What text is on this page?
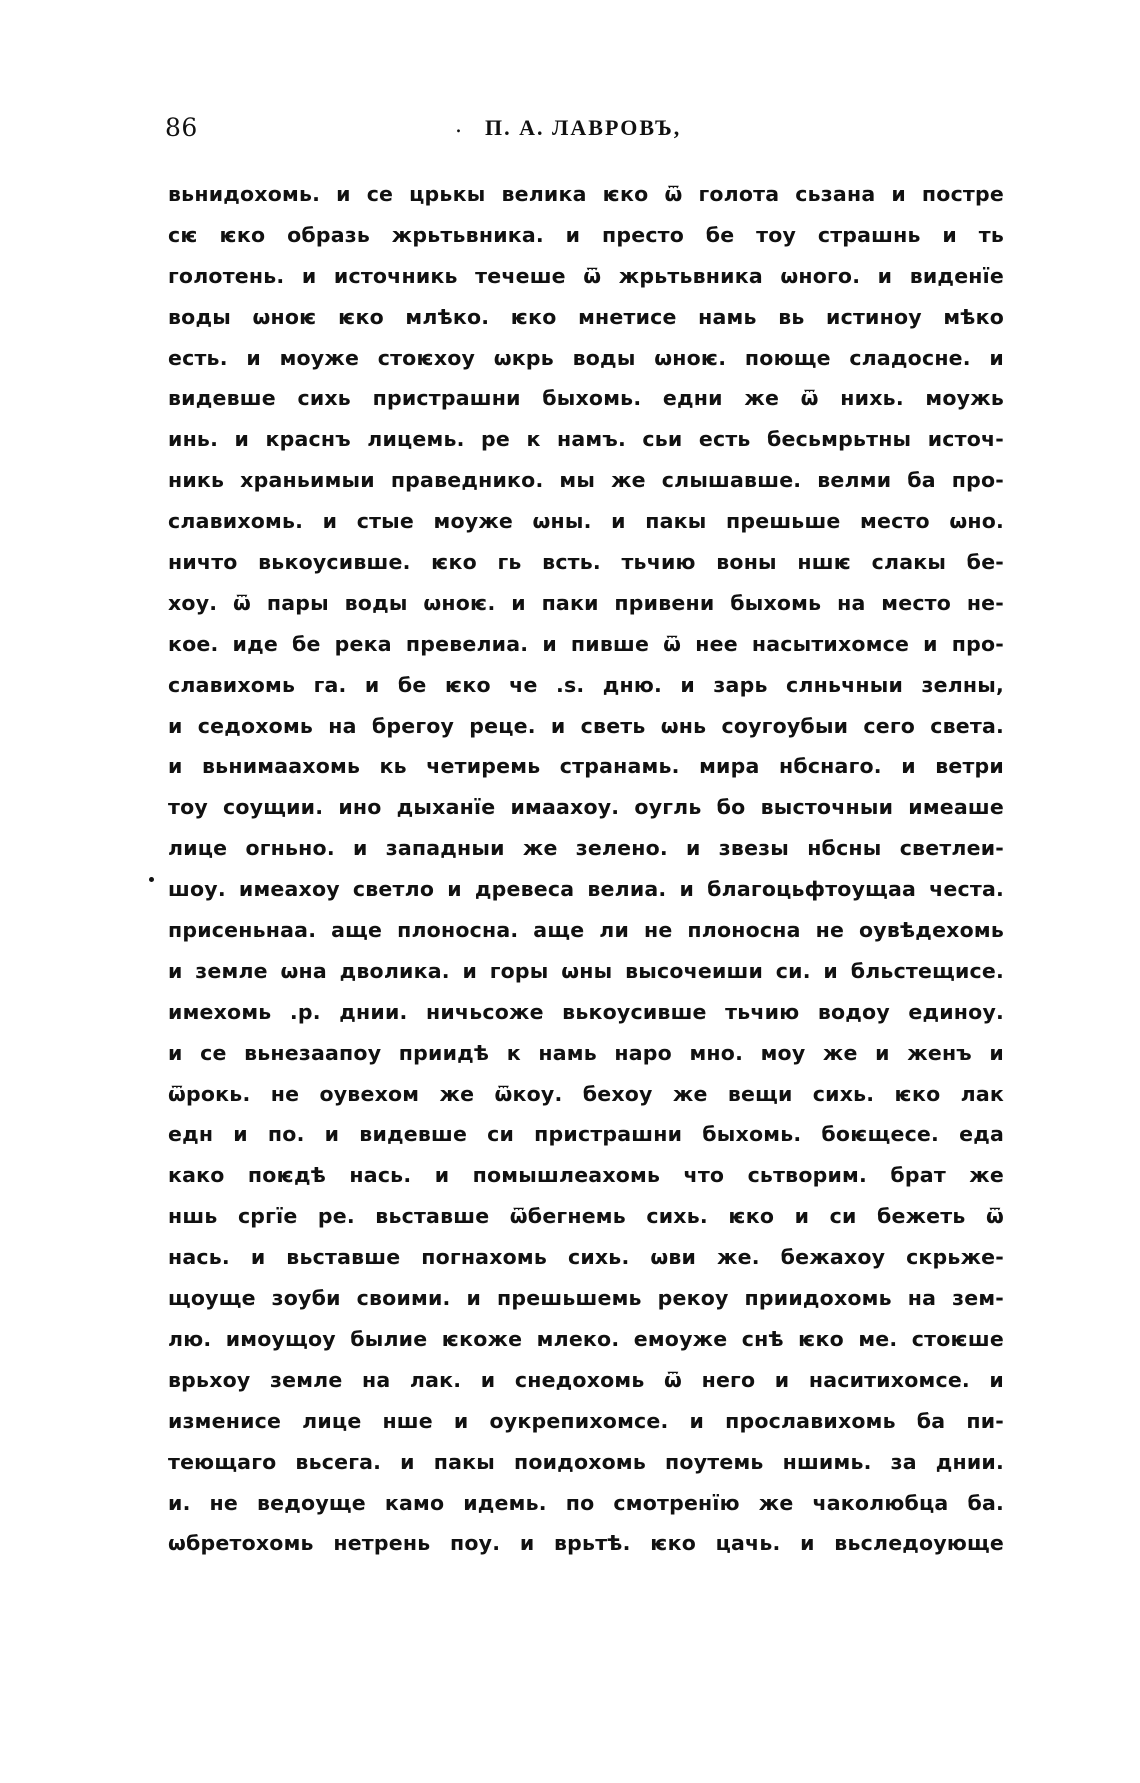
86	. П. А. ЛАВРОВЪ,
вьнидохомь. и се црькы велика ѥко ѿ голота сьзана и постре
сѥ ѥко образь жрьтьвника. и престо бе тоу страшнь и ть
голотень. и источникь течеше ѿ жрьтьвника ѡного. и виденїе
воды ѡноѥ ѥко млѣко. ѥко мнетисе намь вь истиноу мѣко
есть. и моуже стоѥхоу ѡкрь воды ѡноѥ. поюще сладосне. и
видевше сихь пристрашни быхомь. едни же ѿ нихь. моужь
инь. и краснъ лицемь. ре к намъ. сьи есть бесьмрьтны источ-
никь храньимыи праведнико. мы же слышавше. велми ба про-
славихомь. и стые моуже ѡны. и пакы прешьше место ѡно.
ничто вькоусивше. ѥко гь всть. тьчию воны ншѥ слакы бе-
хоу. ѿ пары воды ѡноѥ. и паки привени быхомь на место не-
кое. иде бе река превелиа. и пивше ѿ нее насытихомсе и про-
славихомь га. и бе ѥко че .ѕ. дню. и зарь слньчныи зелны,
и седохомь на брегоу реце. и светь ѡнь соугоубыи сего света.
и вьнимаахомь кь четиремь странамь. мира нбснаго. и ветри
тоу соущии. ино дыханїе имаахоу. оугль бо высточныи имеаше
лице огньно. и западныи же зелено. и звезы нбсны светлеи-
шоу. имеахоу светло и древеса велиа. и благоцьфтоущаа честа.
присеньнаа. аще плоносна. аще ли не плоносна не оувѣдехомь
и земле ѡна дволика. и горы ѡны высочеиши си. и бльстещисе.
имехомь .р. днии. ничьсоже вькоусивше тьчию водоу единоу.
и се вьнезаапоу приидѣ к намь наро мно. моу же и женъ и
ѿрокь. не оувехом же ѿкоу. бехоу же вещи сихь. ѥко лак
едн и по. и видевше си пристрашни быхомь. боѥщесе. еда
како поѥдѣ нась. и помышлеахомь что сьтворим. брат же
ншь сргїе ре. вьставше ѿбегнемь сихь. ѥко и си бежеть ѿ
нась. и вьставше погнахомь сихь. ѡви же. бежахоу скрьже-
щоуще зоуби своими. и прешьшемь рекоу приидохомь на зем-
лю. имоущоу былие ѥкоже млеко. емоуже снѣ ѥко ме. стоѥше
врьхоу земле на лак. и снедохомь ѿ него и наситихомсе. и
изменисе лице нше и оукрепихомсе. и прославихомь ба пи-
теющаго вьсега. и пакы поидохомь поутемь ншимь. за днии.
и. не ведоуще камо идемь. по смотренїю же чаколюбца ба.
ѡбретохомь нетрень поу. и врьтѣ. ѥко цачь. и вьследоующе
